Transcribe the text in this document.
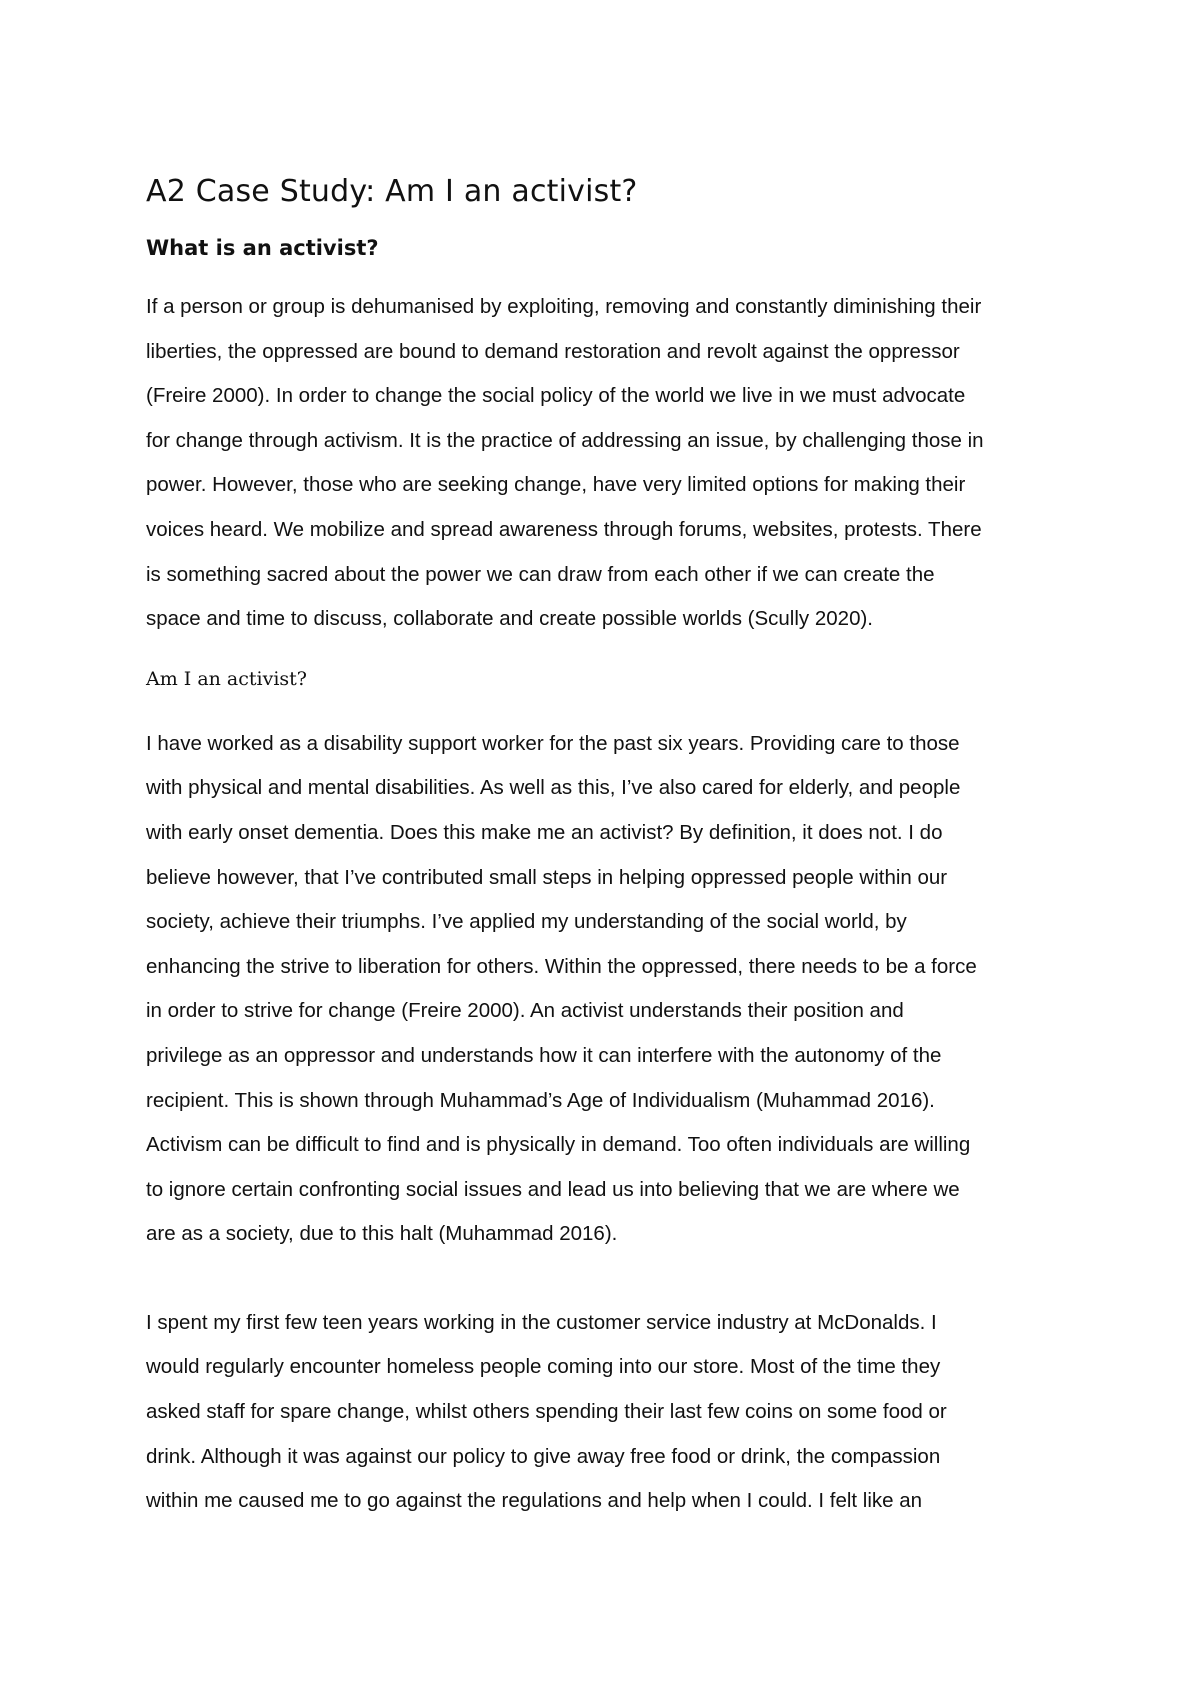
A2 Case Study: Am I an activist?
What is an activist?

If a person or group is dehumanised by exploiting, removing and constantly diminishing their
liberties, the oppressed are bound to demand restoration and revolt against the oppressor
(Freire 2000). In order to change the social policy of the world we live in we must advocate
for change through activism. It is the practice of addressing an issue, by challenging those in
power. However, those who are seeking change, have very limited options for making their
voices heard. We mobilize and spread awareness through forums, websites, protests. There
is something sacred about the power we can draw from each other if we can create the
space and time to discuss, collaborate and create possible worlds (Scully 2020).

Am I an activist?

I have worked as a disability support worker for the past six years. Providing care to those
with physical and mental disabilities. As well as this, I’ve also cared for elderly, and people
with early onset dementia. Does this make me an activist? By definition, it does not. I do
believe however, that I’ve contributed small steps in helping oppressed people within our
society, achieve their triumphs. I’ve applied my understanding of the social world, by
enhancing the strive to liberation for others. Within the oppressed, there needs to be a force
in order to strive for change (Freire 2000). An activist understands their position and
privilege as an oppressor and understands how it can interfere with the autonomy of the
recipient. This is shown through Muhammad’s Age of Individualism (Muhammad 2016).
Activism can be difficult to find and is physically in demand. Too often individuals are willing
to ignore certain confronting social issues and lead us into believing that we are where we
are as a society, due to this halt (Muhammad 2016).

I spent my first few teen years working in the customer service industry at McDonalds. I
would regularly encounter homeless people coming into our store. Most of the time they
asked staff for spare change, whilst others spending their last few coins on some food or
drink. Although it was against our policy to give away free food or drink, the compassion
within me caused me to go against the regulations and help when I could. I felt like an
